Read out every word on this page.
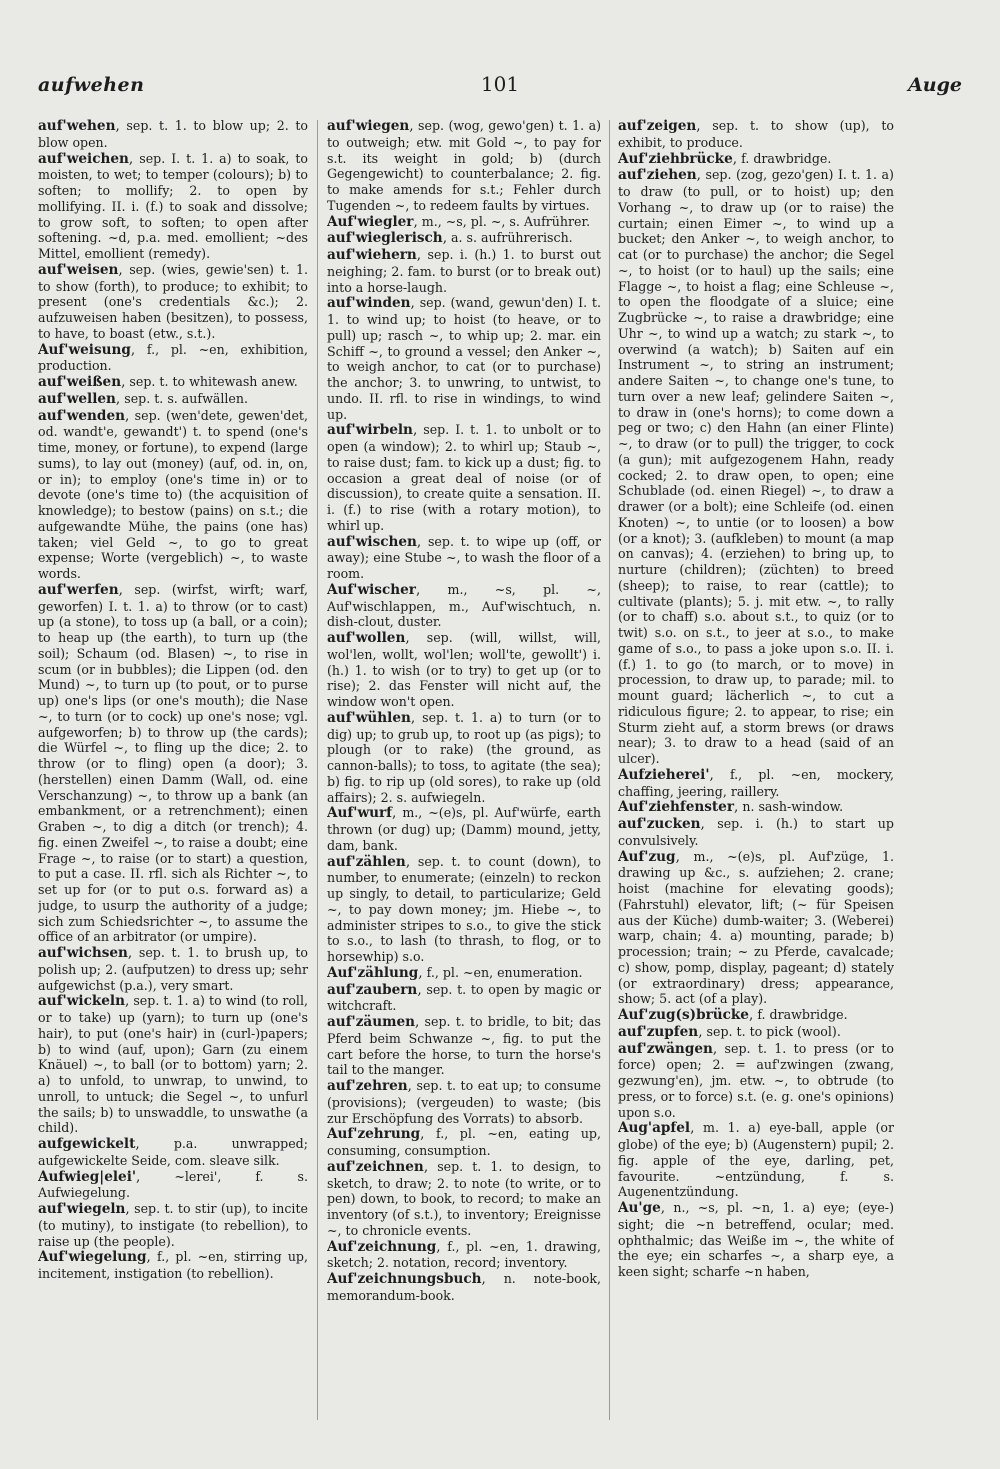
aufwehen	101	Auge

auf'wehen , sep. t. 1. to blow up; 2. to blow open.

auf'weichen , sep. I. t. 1. a) to soak, to moisten, to wet; to temper (colours); b) to soften; to mollify; 2. to open by mollifying. II. i. (f.) to soak and dissolve; to grow soft, to soften; to open after softening. ~d, p.a. med. emollient; ~des Mittel, emollient (remedy).

auf'weisen , sep. (wies, gewie'sen) t. 1. to show (forth), to produce; to exhibit; to present (one's credentials &c.); 2. aufzuweisen haben (besitzen), to possess, to have, to boast (etw., s.t.).

Auf'weisung , f., pl. ~en, exhibition, production.

auf'weißen , sep. t. to whitewash anew.

auf'wellen , sep. t. s. aufwällen.

auf'wenden , sep. (wen'dete, gewen'det, od. wandt'e, gewandt') t. to spend (one's time, money, or fortune), to expend (large sums), to lay out (money) (auf, od. in, on, or in); to employ (one's time in) or to devote (one's time to) (the acquisition of knowledge); to bestow (pains) on s.t.; die aufgewandte Mühe, the pains (one has) taken; viel Geld ~, to go to great expense; Worte (vergeblich) ~, to waste words.

auf'werfen , sep. (wirfst, wirft; warf, geworfen) I. t. 1. a) to throw (or to cast) up (a stone), to toss up (a ball, or a coin); to heap up (the earth), to turn up (the soil); Schaum (od. Blasen) ~, to rise in scum (or in bubbles); die Lippen (od. den Mund) ~, to turn up (to pout, or to purse up) one's lips (or one's mouth); die Nase ~, to turn (or to cock) up one's nose; vgl. aufgeworfen; b) to throw up (the cards); die Würfel ~, to fling up the dice; 2. to throw (or to fling) open (a door); 3. (herstellen) einen Damm (Wall, od. eine Verschanzung) ~, to throw up a bank (an embankment, or a retrenchment); einen Graben ~, to dig a ditch (or trench); 4. fig. einen Zweifel ~, to raise a doubt; eine Frage ~, to raise (or to start) a question, to put a case. II. rfl. sich als Richter ~, to set up for (or to put o.s. forward as) a judge, to usurp the authority of a judge; sich zum Schiedsrichter ~, to assume the office of an arbitrator (or umpire).

auf'wichsen , sep. t. 1. to brush up, to polish up; 2. (aufputzen) to dress up; sehr aufgewichst (p.a.), very smart.

auf'wickeln , sep. t. 1. a) to wind (to roll, or to take) up (yarn); to turn up (one's hair), to put (one's hair) in (curl-)papers; b) to wind (auf, upon); Garn (zu einem Knäuel) ~, to ball (or to bottom) yarn; 2. a) to unfold, to unwrap, to unwind, to unroll, to untuck; die Segel ~, to unfurl the sails; b) to unswaddle, to unswathe (a child).

aufgewickelt ,	p.a. unwrapped; aufgewickelte Seide, com. sleave silk.

Aufwieg|elei' ,	~lerei', f. s. Aufwiegelung.

auf'wiegeln , sep. t. to stir (up), to incite (to mutiny), to instigate (to rebellion), to raise up (the people).

Auf'wiegelung , f., pl. ~en, stirring up, incitement, instigation (to rebellion).

auf'wiegen , sep. (wog, gewo'gen) t. 1. a) to outweigh; etw. mit Gold ~, to pay for s.t. its weight in gold; b) (durch Gegengewicht) to counterbalance; 2. fig. to make amends for s.t.; Fehler durch Tugenden ~, to redeem faults by virtues.

Auf'wiegler , m., ~s, pl. ~, s. Aufrührer.

auf'wieglerisch , a. s. aufrührerisch.

auf'wiehern , sep. i. (h.) 1. to burst out neighing; 2. fam. to burst (or to break out) into a horse-laugh.

auf'winden , sep. (wand, gewun'den) I. t. 1. to wind up; to hoist (to heave, or to pull) up; rasch ~, to whip up; 2. mar. ein Schiff ~, to ground a vessel; den Anker ~, to weigh anchor, to cat (or to purchase) the anchor; 3. to unwring, to untwist, to undo. II. rfl. to rise in windings, to wind up.

auf'wirbeln , sep. I. t. 1. to unbolt or to open (a window); 2. to whirl up; Staub ~, to raise dust; fam. to kick up a dust; fig. to occasion a great deal of noise (or of discussion), to create quite a sensation. II. i. (f.) to rise (with a rotary motion), to whirl up.

auf'wischen , sep. t. to wipe up (off, or away); eine Stube ~, to wash the floor of a room.

Auf'wischer ,	m., ~s, pl. ~, Auf'wischlappen, m., Auf'wischtuch, n. dish-clout, duster.

auf'wollen , sep. (will, willst, will, wol'len, wollt, wol'len; woll'te, gewollt') i. (h.) 1. to wish (or to try) to get up (or to rise); 2. das Fenster will nicht auf, the window won't open.

auf'wühlen , sep. t. 1. a) to turn (or to dig) up; to grub up, to root up (as pigs); to plough (or to rake) (the ground, as cannon-balls); to toss, to agitate (the sea); b) fig. to rip up (old sores), to rake up (old affairs); 2. s. aufwiegeln.

Auf'wurf , m., ~(e)s, pl. Auf'würfe, earth thrown (or dug) up; (Damm) mound, jetty, dam, bank.

auf'zählen , sep. t. to count (down), to number, to enumerate; (einzeln) to reckon up singly, to detail, to particularize; Geld ~, to pay down money; jm. Hiebe ~, to administer stripes to s.o., to give the stick to s.o., to lash (to thrash, to flog, or to horsewhip) s.o.

Auf'zählung , f., pl. ~en, enumeration.

auf'zaubern , sep. t. to open by magic or witchcraft.

auf'zäumen , sep. t. to bridle, to bit; das Pferd beim Schwanze ~, fig. to put the cart before the horse, to turn the horse's tail to the manger.

auf'zehren , sep. t. to eat up; to consume (provisions); (vergeuden) to waste; (bis zur Erschöpfung des Vorrats) to absorb.

Auf'zehrung , f., pl. ~en, eating up, consuming, consumption.

auf'zeichnen , sep. t. 1. to design, to sketch, to draw; 2. to note (to write, or to pen) down, to book, to record; to make an inventory (of s.t.), to inventory; Ereignisse ~, to chronicle events.

Auf'zeichnung , f., pl. ~en, 1. drawing, sketch; 2. notation, record; inventory.

Auf'zeichnungsbuch , n. note-book, memorandum-book.

auf'zeigen , sep. t. to show (up), to exhibit, to produce.

Auf'ziehbrücke , f. drawbridge.

auf'ziehen , sep. (zog, gezo'gen) I. t. 1. a) to draw (to pull, or to hoist) up; den Vorhang ~, to draw up (or to raise) the curtain; einen Eimer ~, to wind up a bucket; den Anker ~, to weigh anchor, to cat (or to purchase) the anchor; die Segel ~, to hoist (or to haul) up the sails; eine Flagge ~, to hoist a flag; eine Schleuse ~, to open the floodgate of a sluice; eine Zugbrücke ~, to raise a drawbridge; eine Uhr ~, to wind up a watch; zu stark ~, to overwind (a watch); b) Saiten auf ein Instrument ~, to string an instrument; andere Saiten ~, to change one's tune, to turn over a new leaf; gelindere Saiten ~, to draw in (one's horns); to come down a peg or two; c) den Hahn (an einer Flinte) ~, to draw (or to pull) the trigger, to cock (a gun); mit aufgezogenem Hahn, ready cocked; 2. to draw open, to open; eine Schublade (od. einen Riegel) ~, to draw a drawer (or a bolt); eine Schleife (od. einen Knoten) ~, to untie (or to loosen) a bow (or a knot); 3. (aufkleben) to mount (a map on canvas); 4. (erziehen) to bring up, to nurture (children); (züchten) to breed (sheep); to raise, to rear (cattle); to cultivate (plants); 5. j. mit etw. ~, to rally (or to chaff) s.o. about s.t., to quiz (or to twit) s.o. on s.t., to jeer at s.o., to make game of s.o., to pass a joke upon s.o. II. i. (f.) 1. to go (to march, or to move) in procession, to draw up, to parade; mil. to mount guard; lächerlich ~, to cut a ridiculous figure; 2. to appear, to rise; ein Sturm zieht auf, a storm brews (or draws near); 3. to draw to a head (said of an ulcer).

Aufzieherei' , f., pl. ~en, mockery, chaffing, jeering, raillery.

Auf'ziehfenster , n. sash-window.

auf'zucken , sep. i. (h.) to start up convulsively.

Auf'zug , m., ~(e)s, pl. Auf'züge, 1. drawing up &c., s. aufziehen; 2. crane; hoist (machine for elevating goods); (Fahrstuhl) elevator, lift; (~ für Speisen aus der Küche) dumb-waiter; 3. (Weberei) warp, chain; 4. a) mounting, parade; b) procession; train; ~ zu Pferde, cavalcade; c) show, pomp, display, pageant; d) stately (or extraordinary) dress; appearance, show; 5. act (of a play).

Auf'zug(s)brücke , f. drawbridge.

auf'zupfen , sep. t. to pick (wool).

auf'zwängen , sep. t. 1. to press (or to force) open; 2. = auf'zwingen (zwang, gezwung'en), jm. etw. ~, to obtrude (to press, or to force) s.t. (e. g. one's opinions) upon s.o.

Aug'apfel , m. 1. a) eye-ball, apple (or globe) of the eye; b) (Augenstern) pupil; 2. fig. apple of the eye, darling, pet, favourite. ~entzündung, f. s. Augenentzündung.

Au'ge , n., ~s, pl. ~n, 1. a) eye; (eye-) sight; die ~n betreffend, ocular; med. ophthalmic; das Weiße im ~, the white of the eye; ein scharfes ~, a sharp eye, a keen sight; scharfe ~n haben,
